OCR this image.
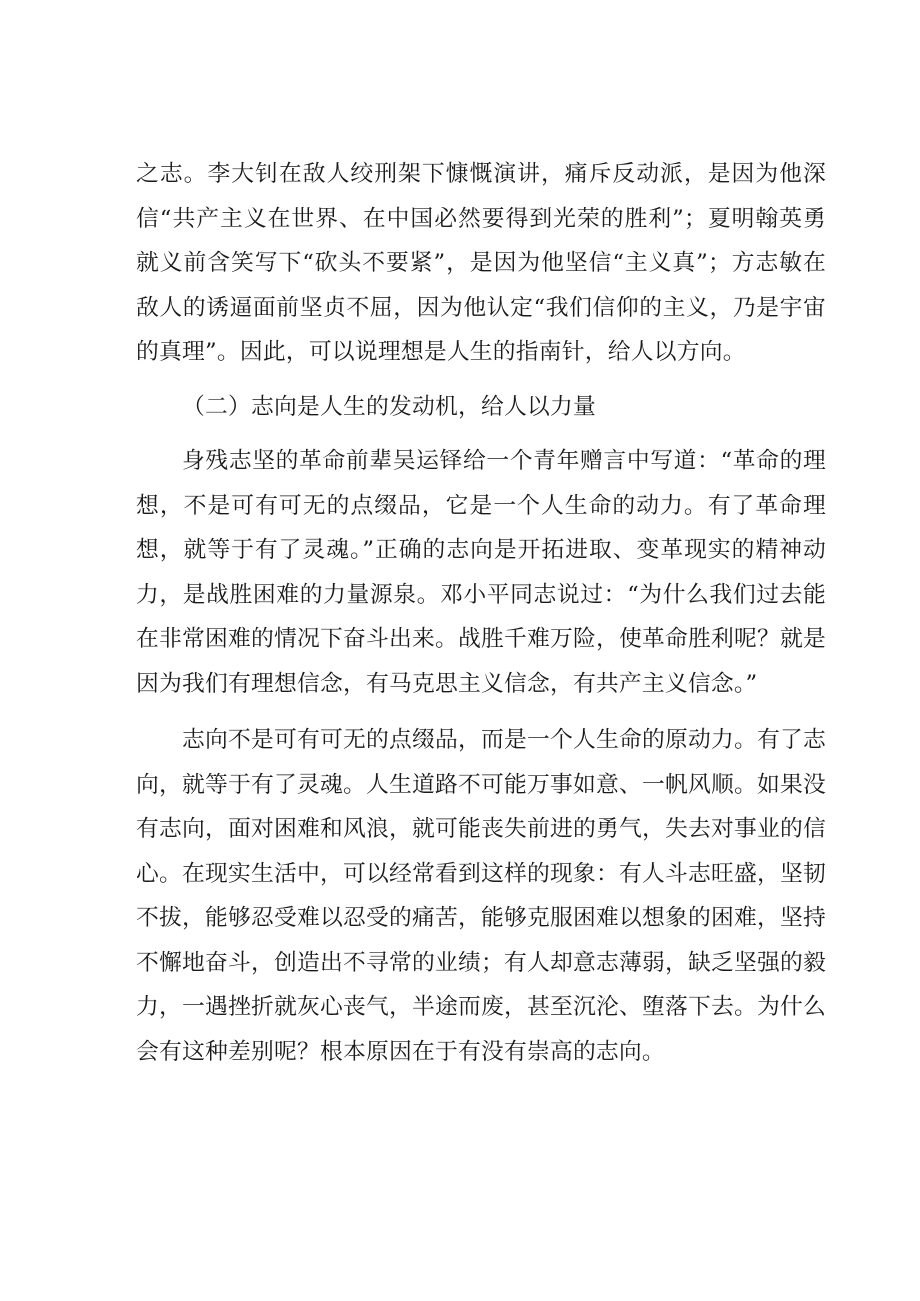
之志。李大钊在敌人绞刑架下慷慨演讲，痛斥反动派，是因为他深信“共产主义在世界、在中国必然要得到光荣的胜利”；夏明翰英勇就义前含笑写下“砍头不要紧”，是因为他坚信“主义真”；方志敏在敌人的诱逼面前坚贞不屈，因为他认定“我们信仰的主义，乃是宇宙的真理”。因此，可以说理想是人生的指南针，给人以方向。

（二）志向是人生的发动机，给人以力量

身残志坚的革命前辈吴运铎给一个青年赠言中写道：“革命的理想，不是可有可无的点缀品，它是一个人生命的动力。有了革命理想，就等于有了灵魂。”正确的志向是开拓进取、变革现实的精神动力，是战胜困难的力量源泉。邓小平同志说过：“为什么我们过去能在非常困难的情况下奋斗出来。战胜千难万险，使革命胜利呢？就是因为我们有理想信念，有马克思主义信念，有共产主义信念。”

志向不是可有可无的点缀品，而是一个人生命的原动力。有了志向，就等于有了灵魂。人生道路不可能万事如意、一帆风顺。如果没有志向，面对困难和风浪，就可能丧失前进的勇气，失去对事业的信心。在现实生活中，可以经常看到这样的现象：有人斗志旺盛，坚韧不拔，能够忍受难以忍受的痛苦，能够克服困难以想象的困难，坚持不懈地奋斗，创造出不寻常的业绩；有人却意志薄弱，缺乏坚强的毅力，一遇挫折就灰心丧气，半途而废，甚至沉沦、堕落下去。为什么会有这种差别呢？根本原因在于有没有崇高的志向。
